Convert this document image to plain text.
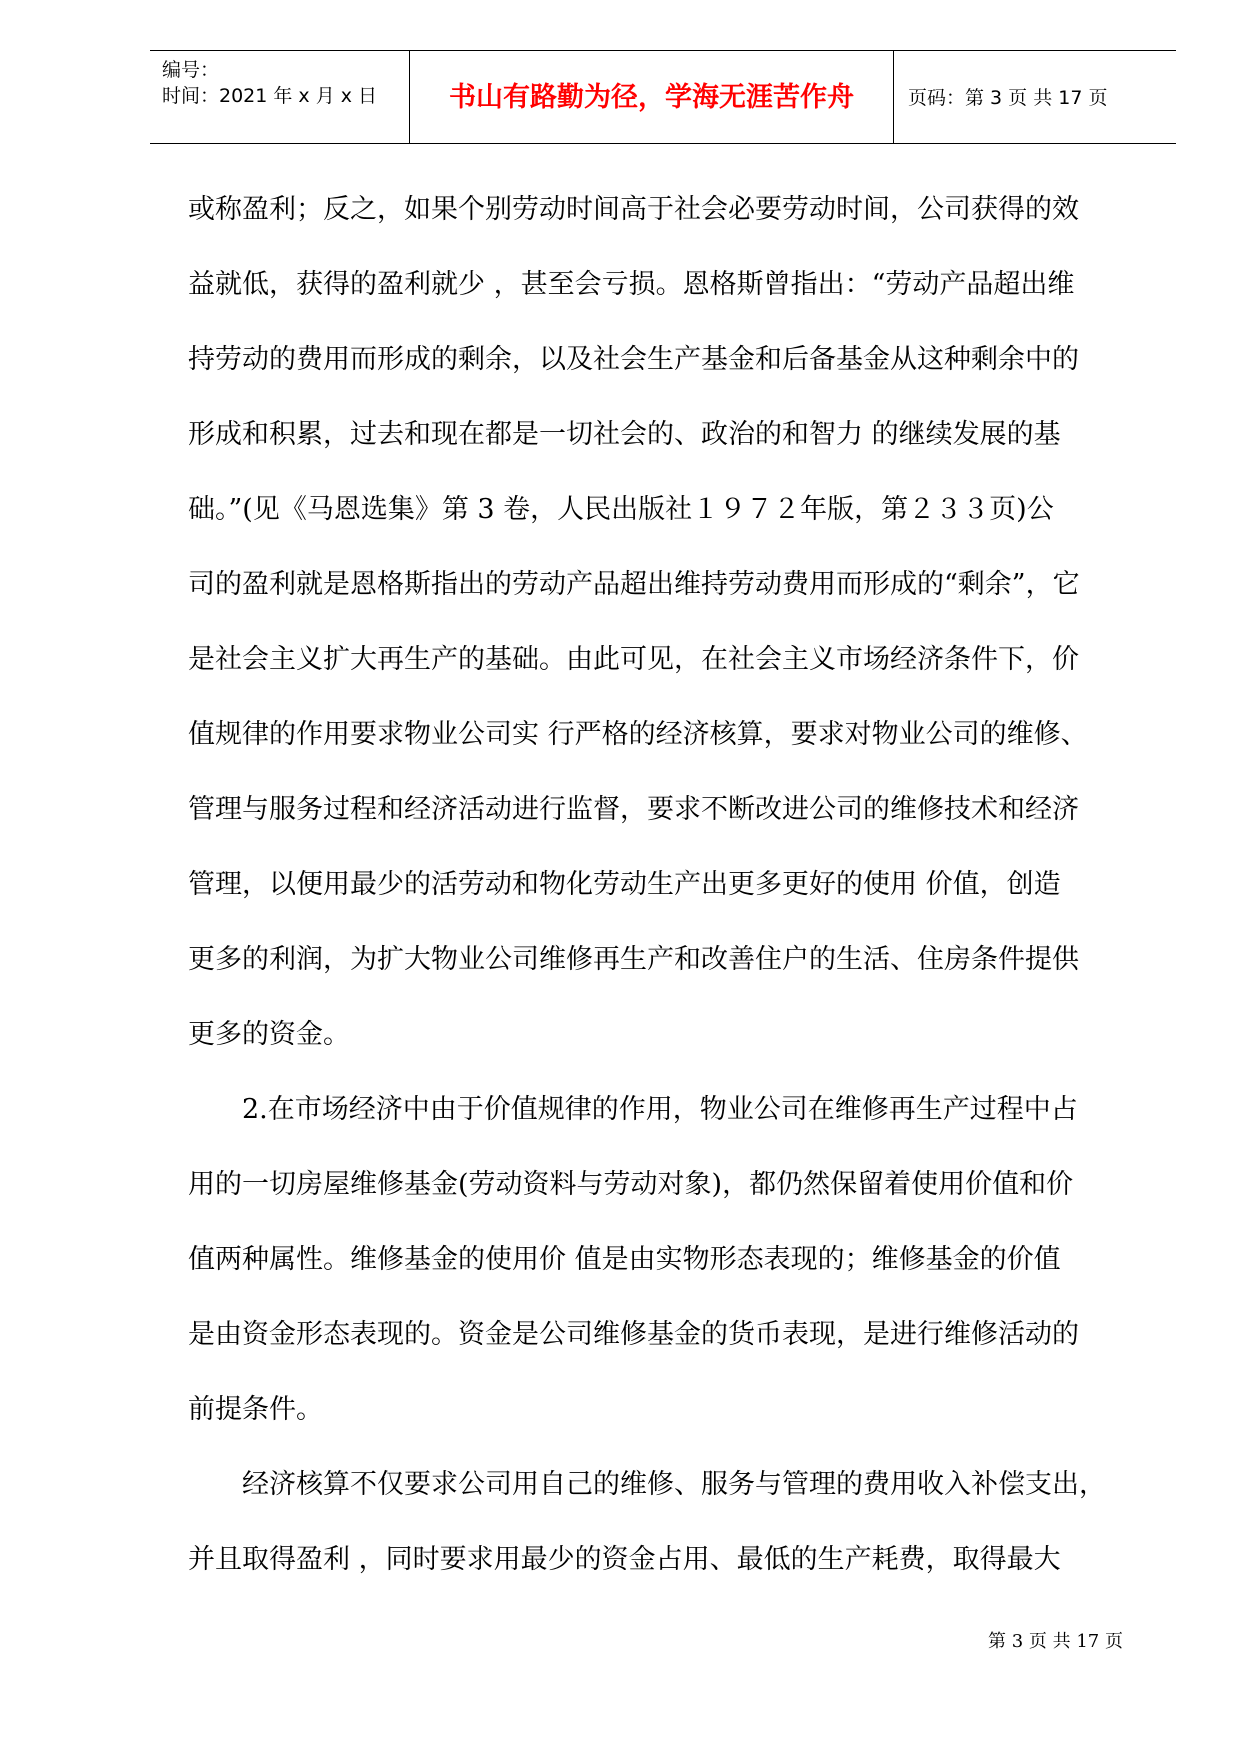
编号：
时间：2021 年 x 月 x 日	书山有路勤为径，学海无涯苦作舟	页码：第 3 页 共 17 页
或称盈利；反之，如果个别劳动时间高于社会必要劳动时间，公司获得的效
益就低，获得的盈利就少 ，甚至会亏损。恩格斯曾指出：“劳动产品超出维
持劳动的费用而形成的剩余，以及社会生产基金和后备基金从这种剩余中的
形成和积累，过去和现在都是一切社会的、政治的和智力 的继续发展的基
础。”(见《马恩选集》第 3 卷，人民出版社１９７２年版，第２３３页)公
司的盈利就是恩格斯指出的劳动产品超出维持劳动费用而形成的“剩余”，它
是社会主义扩大再生产的基础。由此可见，在社会主义市场经济条件下，价
值规律的作用要求物业公司实 行严格的经济核算，要求对物业公司的维修、
管理与服务过程和经济活动进行监督，要求不断改进公司的维修技术和经济
管理，以便用最少的活劳动和物化劳动生产出更多更好的使用 价值，创造
更多的利润，为扩大物业公司维修再生产和改善住户的生活、住房条件提供
更多的资金。
2.在市场经济中由于价值规律的作用，物业公司在维修再生产过程中占
用的一切房屋维修基金(劳动资料与劳动对象)，都仍然保留着使用价值和价
值两种属性。维修基金的使用价 值是由实物形态表现的；维修基金的价值
是由资金形态表现的。资金是公司维修基金的货币表现，是进行维修活动的
前提条件。
经济核算不仅要求公司用自己的维修、服务与管理的费用收入补偿支出，
并且取得盈利 ，同时要求用最少的资金占用、最低的生产耗费，取得最大
第 3 页 共 17 页
